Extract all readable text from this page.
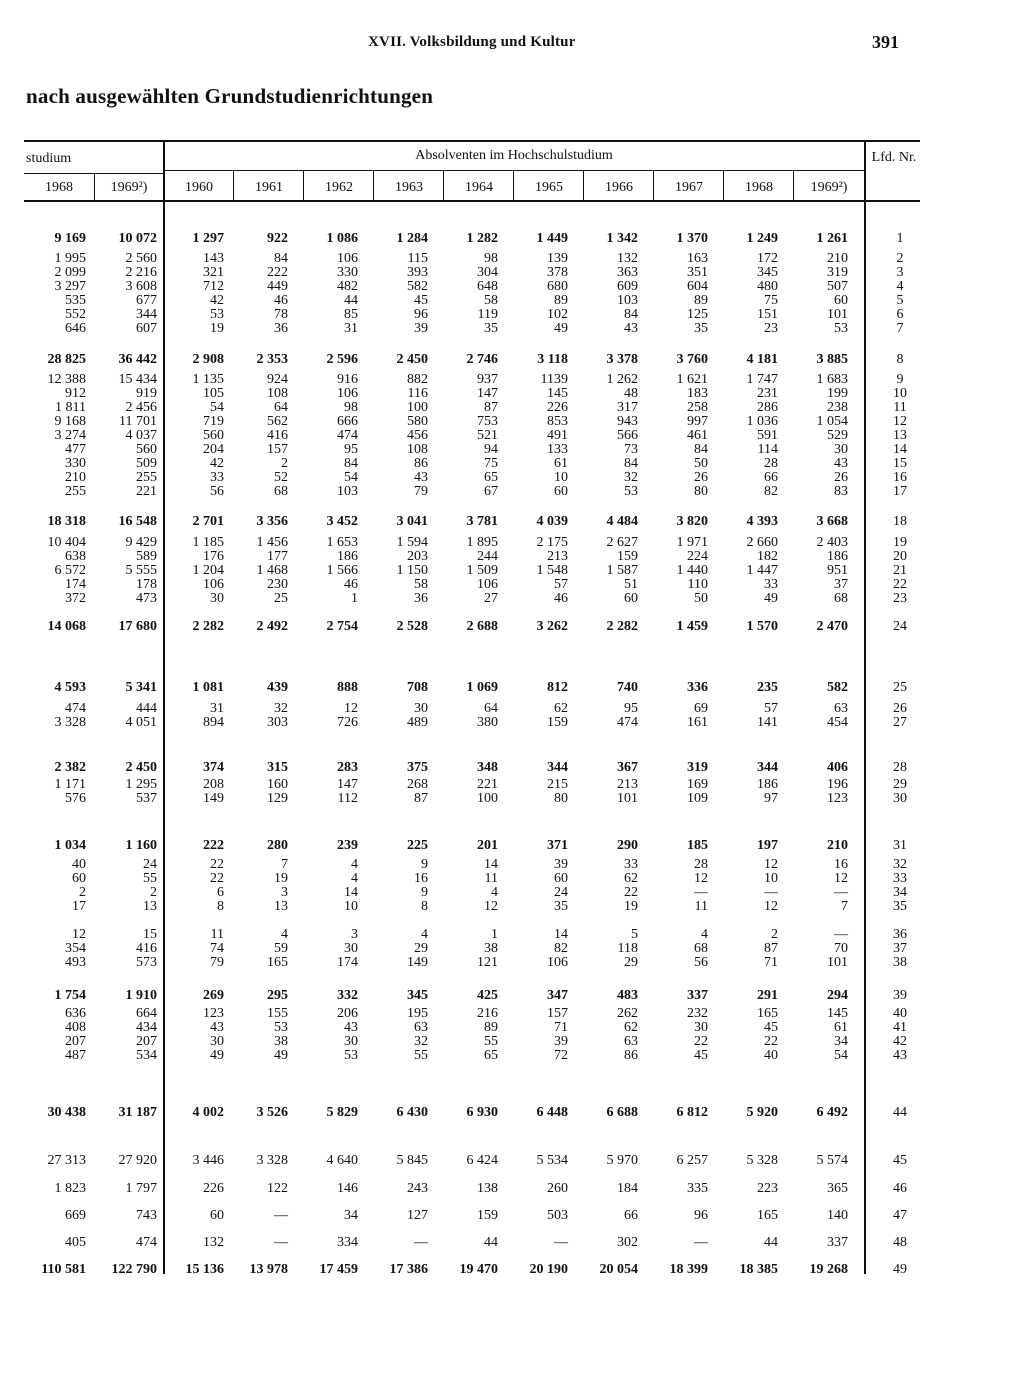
XVII. Volksbildung und Kultur	391
nach ausgewählten Grundstudienrichtungen
studium	Absolventen im Hochschulstudium	Lfd. Nr.
1968	1969²)	1960	1961	1962	1963	1964	1965	1966	1967	1968	1969²)
9 169	10 072	1 297	922	1 086	1 284	1 282	1 449	1 342	1 370	1 249	1 261	1
1 995	2 560	143	84	106	115	98	139	132	163	172	210	2
2 099	2 216	321	222	330	393	304	378	363	351	345	319	3
3 297	3 608	712	449	482	582	648	680	609	604	480	507	4
535	677	42	46	44	45	58	89	103	89	75	60	5
552	344	53	78	85	96	119	102	84	125	151	101	6
646	607	19	36	31	39	35	49	43	35	23	53	7
28 825	36 442	2 908	2 353	2 596	2 450	2 746	3 118	3 378	3 760	4 181	3 885	8
12 388	15 434	1 135	924	916	882	937	1139	1 262	1 621	1 747	1 683	9
912	919	105	108	106	116	147	145	48	183	231	199	10
1 811	2 456	54	64	98	100	87	226	317	258	286	238	11
9 168	11 701	719	562	666	580	753	853	943	997	1 036	1 054	12
3 274	4 037	560	416	474	456	521	491	566	461	591	529	13
477	560	204	157	95	108	94	133	73	84	114	30	14
330	509	42	2	84	86	75	61	84	50	28	43	15
210	255	33	52	54	43	65	10	32	26	66	26	16
255	221	56	68	103	79	67	60	53	80	82	83	17
18 318	16 548	2 701	3 356	3 452	3 041	3 781	4 039	4 484	3 820	4 393	3 668	18
10 404	9 429	1 185	1 456	1 653	1 594	1 895	2 175	2 627	1 971	2 660	2 403	19
638	589	176	177	186	203	244	213	159	224	182	186	20
6 572	5 555	1 204	1 468	1 566	1 150	1 509	1 548	1 587	1 440	1 447	951	21
174	178	106	230	46	58	106	57	51	110	33	37	22
372	473	30	25	1	36	27	46	60	50	49	68	23
14 068	17 680	2 282	2 492	2 754	2 528	2 688	3 262	2 282	1 459	1 570	2 470	24
4 593	5 341	1 081	439	888	708	1 069	812	740	336	235	582	25
474	444	31	32	12	30	64	62	95	69	57	63	26
3 328	4 051	894	303	726	489	380	159	474	161	141	454	27
2 382	2 450	374	315	283	375	348	344	367	319	344	406	28
1 171	1 295	208	160	147	268	221	215	213	169	186	196	29
576	537	149	129	112	87	100	80	101	109	97	123	30
1 034	1 160	222	280	239	225	201	371	290	185	197	210	31
40	24	22	7	4	9	14	39	33	28	12	16	32
60	55	22	19	4	16	11	60	62	12	10	12	33
2	2	6	3	14	9	4	24	22	—	—	—	34
17	13	8	13	10	8	12	35	19	11	12	7	35
12	15	11	4	3	4	1	14	5	4	2	—	36
354	416	74	59	30	29	38	82	118	68	87	70	37
493	573	79	165	174	149	121	106	29	56	71	101	38
1 754	1 910	269	295	332	345	425	347	483	337	291	294	39
636	664	123	155	206	195	216	157	262	232	165	145	40
408	434	43	53	43	63	89	71	62	30	45	61	41
207	207	30	38	30	32	55	39	63	22	22	34	42
487	534	49	49	53	55	65	72	86	45	40	54	43
30 438	31 187	4 002	3 526	5 829	6 430	6 930	6 448	6 688	6 812	5 920	6 492	44
27 313	27 920	3 446	3 328	4 640	5 845	6 424	5 534	5 970	6 257	5 328	5 574	45
1 823	1 797	226	122	146	243	138	260	184	335	223	365	46
669	743	60	—	34	127	159	503	66	96	165	140	47
405	474	132	—	334	—	44	—	302	—	44	337	48
110 581	122 790	15 136	13 978	17 459	17 386	19 470	20 190	20 054	18 399	18 385	19 268	49
